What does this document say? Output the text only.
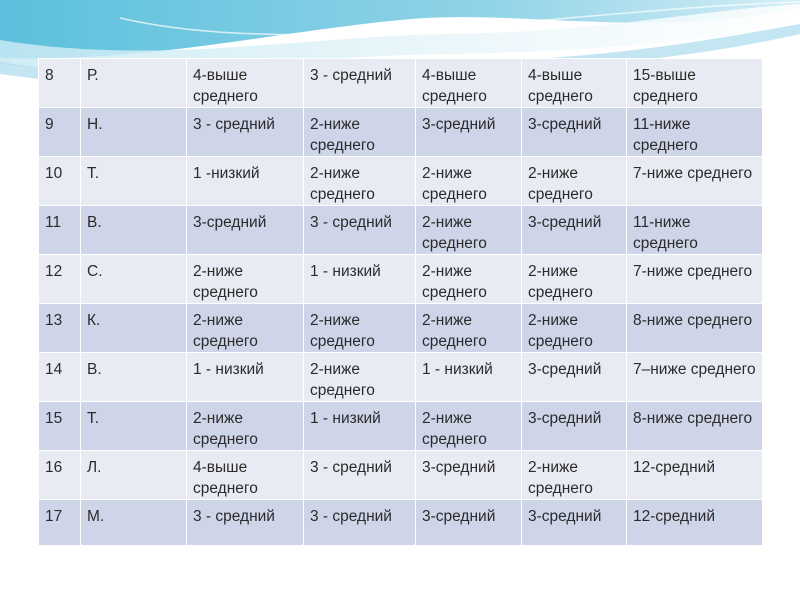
8	Р.	4-выше среднего	3 - средний	4-выше среднего	4-выше среднего	15-выше среднего
9	Н.	3 - средний	2-ниже среднего	3-средний	3-средний	11-ниже среднего
10	Т.	1 -низкий	2-ниже среднего	2-ниже среднего	2-ниже среднего	7-ниже среднего
11	В.	3-средний	3 - средний	2-ниже среднего	3-средний	11-ниже среднего
12	С.	2-ниже среднего	1 - низкий	2-ниже среднего	2-ниже среднего	7-ниже среднего
13	К.	2-ниже среднего	2-ниже среднего	2-ниже среднего	2-ниже среднего	8-ниже среднего
14	В.	1 - низкий	2-ниже среднего	1 - низкий	3-средний	7–ниже среднего
15	Т.	2-ниже среднего	1 - низкий	2-ниже среднего	3-средний	8-ниже среднего
16	Л.	4-выше среднего	3 - средний	3-средний	2-ниже среднего	12-средний
17	М.	3 - средний	3 - средний	3-средний	3-средний	12-средний
